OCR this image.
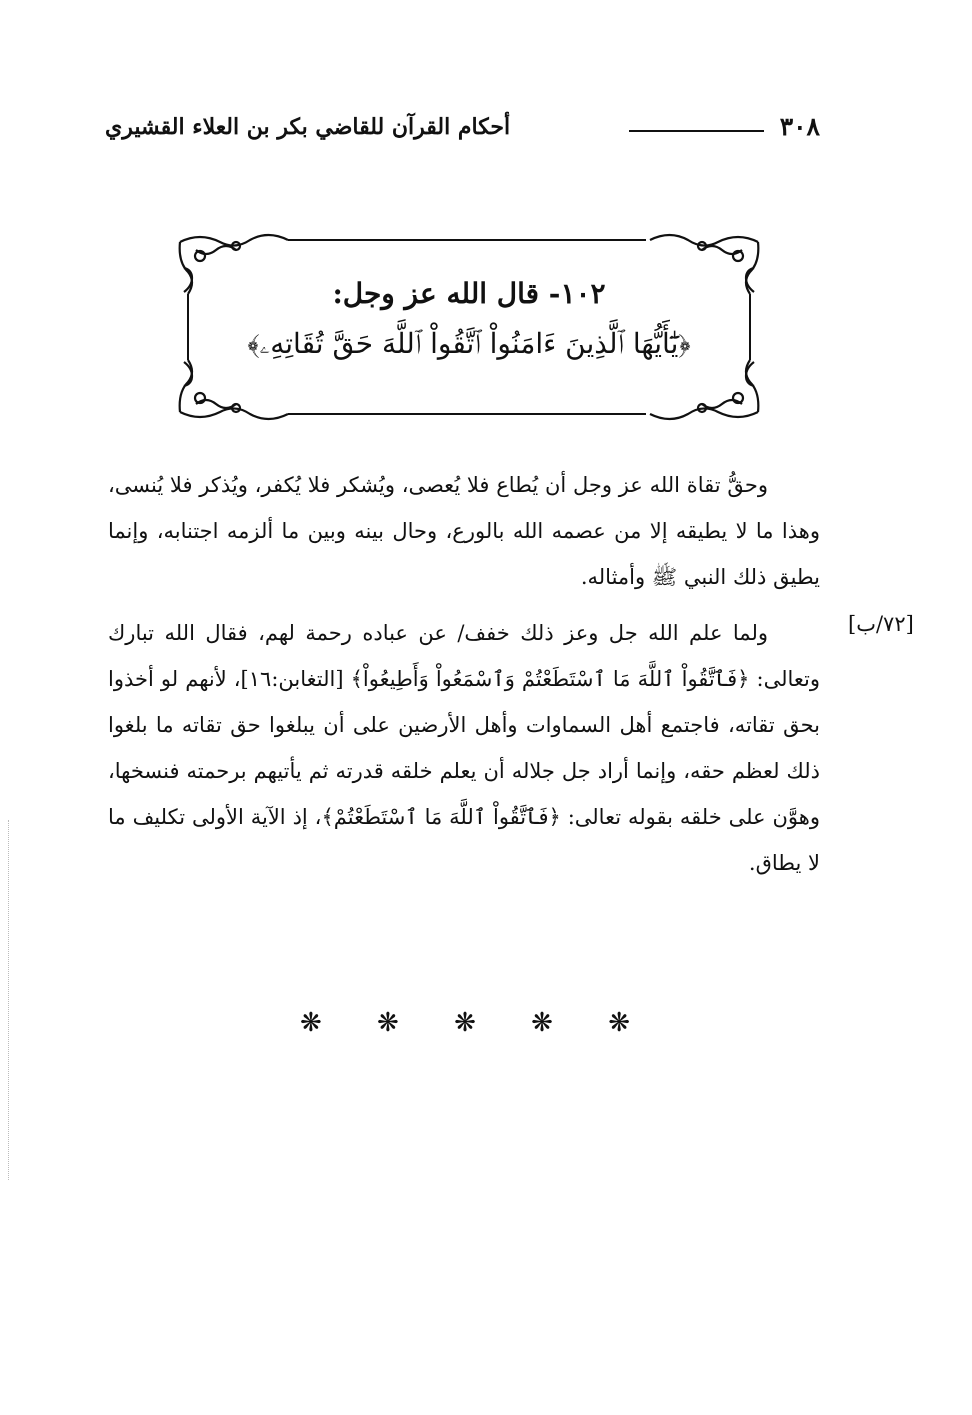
٣٠٨
أحكام القرآن للقاضي بكر بن العلاء القشيري
١٠٢- قال الله عز وجل:
﴿يَٰٓأَيُّهَا ٱلَّذِينَ ءَامَنُواْ ٱتَّقُواْ ٱللَّهَ حَقَّ تُقَاتِهِۦ﴾
[٧٢/ب]

وحقُّ تقاة الله عز وجل أن يُطاع فلا يُعصى، ويُشكر فلا يُكفر، ويُذكر فلا يُنسى، وهذا ما لا يطيقه إلا من عصمه الله بالورع، وحال بينه وبين ما ألزمه اجتنابه، وإنما يطيق ذلك النبي ﷺ وأمثاله.

ولما علم الله جل وعز ذلك خفف/ عن عباده رحمة لهم، فقال الله تبارك وتعالى: ﴿فَٱتَّقُواْ ٱللَّهَ مَا ٱسْتَطَعْتُمْ وَٱسْمَعُواْ وَأَطِيعُواْ﴾ [التغابن:١٦]، لأنهم لو أخذوا بحق تقاته، فاجتمع أهل السماوات وأهل الأرضين على أن يبلغوا حق تقاته ما بلغوا ذلك لعظم حقه، وإنما أراد جل جلاله أن يعلم خلقه قدرته ثم يأتيهم برحمته فنسخها، وهوَّن على خلقه بقوله تعالى: ﴿فَٱتَّقُواْ ٱللَّهَ مَا ٱسْتَطَعْتُمْ﴾، إذ الآية الأولى تكليف ما لا يطاق.

❋ ❋ ❋ ❋ ❋
